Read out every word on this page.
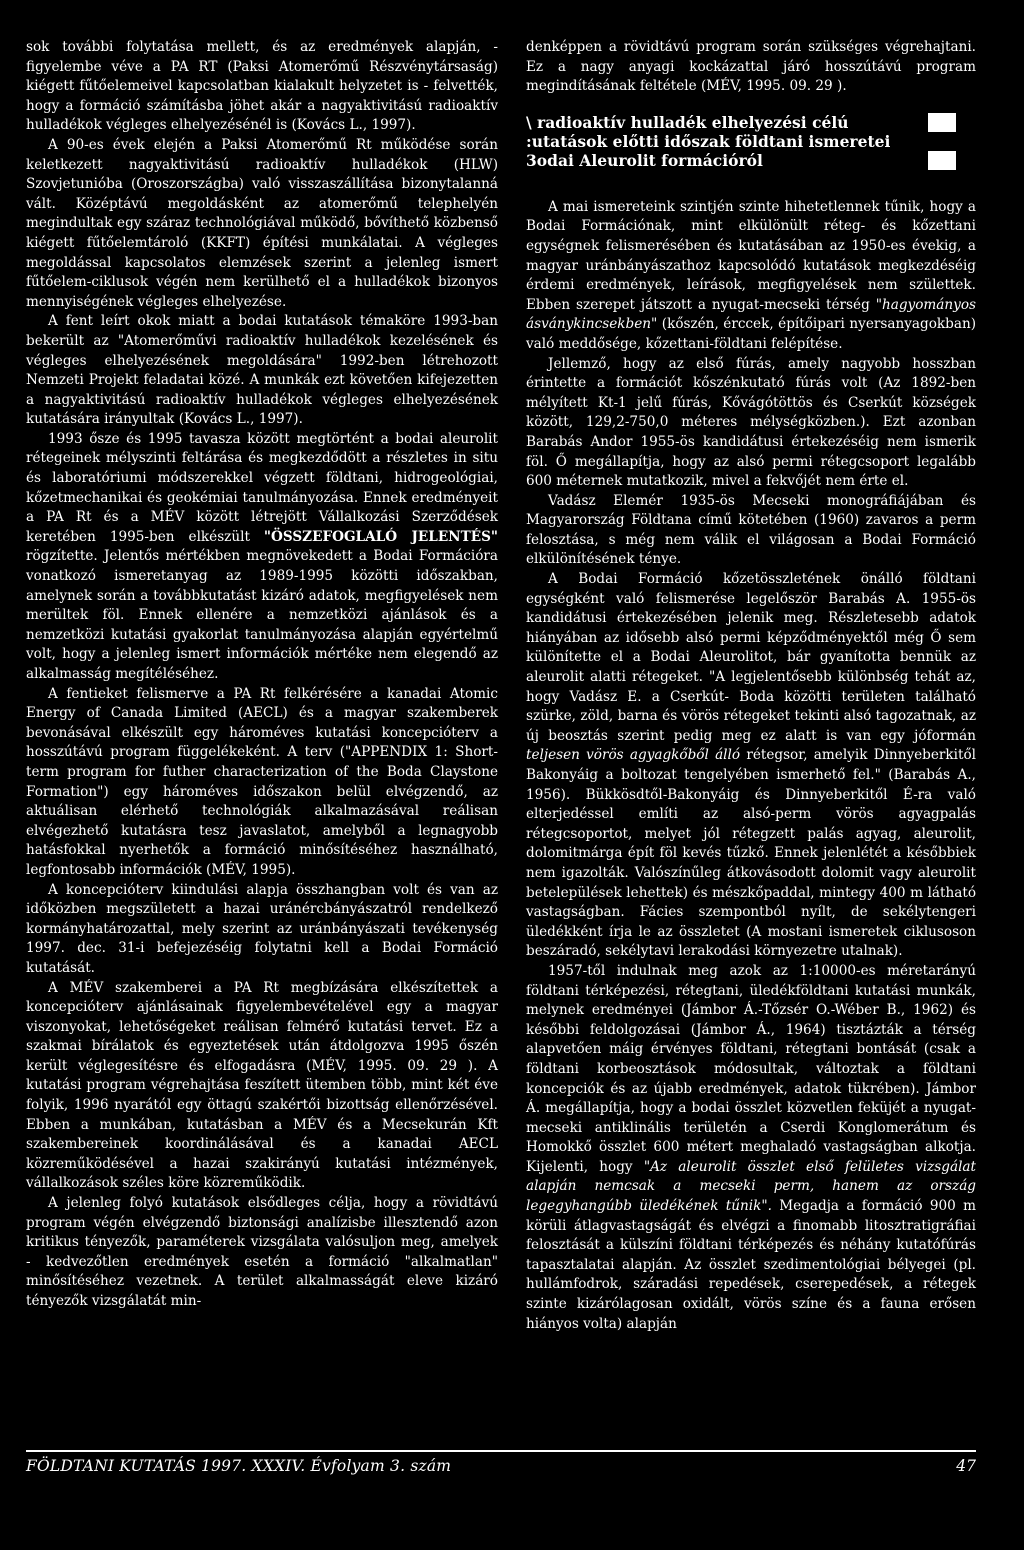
sok további folytatása mellett, és az eredmények alapján, - figyelembe véve a PA RT (Paksi Atomerőmű Részvénytársaság) kiégett fűtőelemeivel kapcsolatban kialakult helyzetet is - felvették, hogy a formáció számításba jöhet akár a nagyaktivitású radioaktív hulladékok végleges elhelyezésénél is (Kovács L., 1997).

A 90-es évek elején a Paksi Atomerőmű Rt működése során keletkezett nagyaktivitású radioaktív hulladékok (HLW) Szovjetunióba (Oroszországba) való visszaszállítása bizonytalanná vált. Középtávú megoldásként az atomerőmű telephelyén megindultak egy száraz technológiával működő, bővíthető közbenső kiégett fűtőelemtároló (KKFT) építési munkálatai. A végleges megoldással kapcsolatos elemzések szerint a jelenleg ismert fűtőelem-ciklusok végén nem kerülhető el a hulladékok bizonyos mennyiségének végleges elhelyezése.

A fent leírt okok miatt a bodai kutatások témaköre 1993-ban bekerült az "Atomerőművi radioaktív hulladékok kezelésének és végleges elhelyezésének megoldására" 1992-ben létrehozott Nemzeti Projekt feladatai közé. A munkák ezt követően kifejezetten a nagyaktivitású radioaktív hulladékok végleges elhelyezésének kutatására irányultak (Kovács L., 1997).

1993 ősze és 1995 tavasza között megtörtént a bodai aleurolit rétegeinek mélyszinti feltárása és megkezdődött a részletes in situ és laboratóriumi módszerekkel végzett földtani, hidrogeológiai, kőzetmechanikai és geokémiai tanulmányozása. Ennek eredményeit a PA Rt és a MÉV között létrejött Vállalkozási Szerződések keretében 1995-ben elkészült "ÖSSZEFOGLALÓ JELENTÉS" rögzítette. Jelentős mértékben megnövekedett a Bodai Formációra vonatkozó ismeretanyag az 1989-1995 közötti időszakban, amelynek során a továbbkutatást kizáró adatok, megfigyelések nem merültek föl. Ennek ellenére a nemzetközi ajánlások és a nemzetközi kutatási gyakorlat tanulmányozása alapján egyértelmű volt, hogy a jelenleg ismert információk mértéke nem elegendő az alkalmasság megítéléséhez.

A fentieket felismerve a PA Rt felkérésére a kanadai Atomic Energy of Canada Limited (AECL) és a magyar szakemberek bevonásával elkészült egy hároméves kutatási koncepcióterv a hosszútávú program függelékeként. A terv ("APPENDIX 1: Short-term program for futher characterization of the Boda Claystone Formation") egy hároméves időszakon belül elvégzendő, az aktuálisan elérhető technológiák alkalmazásával reálisan elvégezhető kutatásra tesz javaslatot, amelyből a legnagyobb hatásfokkal nyerhetők a formáció minősítéséhez használható, legfontosabb információk (MÉV, 1995).

A koncepcióterv kiindulási alapja összhangban volt és van az időközben megszületett a hazai uránércbányászatról rendelkező kormányhatározattal, mely szerint az uránbányászati tevékenység 1997. dec. 31-i befejezéséig folytatni kell a Bodai Formáció kutatását.

A MÉV szakemberei a PA Rt megbízására elkészítettek a koncepcióterv ajánlásainak figyelembevételével egy a magyar viszonyokat, lehetőségeket reálisan felmérő kutatási tervet. Ez a szakmai bírálatok és egyeztetések után átdolgozva 1995 őszén került véglegesítésre és elfogadásra (MÉV, 1995. 09. 29 ). A kutatási program végrehajtása feszített ütemben több, mint két éve folyik, 1996 nyarától egy öttagú szakértői bizottság ellenőrzésével. Ebben a munkában, kutatásban a MÉV és a Mecsekurán Kft szakembereinek koordinálásával és a kanadai AECL közreműködésével a hazai szakirányú kutatási intézmények, vállalkozások széles köre közreműködik.

A jelenleg folyó kutatások elsődleges célja, hogy a rövidtávú program végén elvégzendő biztonsági analízisbe illesztendő azon kritikus tényezők, paraméterek vizsgálata valósuljon meg, amelyek - kedvezőtlen eredmények esetén a formáció "alkalmatlan" minősítéséhez vezetnek. A terület alkalmasságát eleve kizáró tényezők vizsgálatát min-

denképpen a rövidtávú program során szükséges végrehajtani. Ez a nagy anyagi kockázattal járó hosszútávú program megindításának feltétele (MÉV, 1995. 09. 29 ).

\ radioaktív hulladék elhelyezési célú
:utatások előtti időszak földtani ismeretei
3odai Aleurolit formációról

A mai ismereteink szintjén szinte hihetetlennek tűnik, hogy a Bodai Formációnak, mint elkülönült réteg- és kőzettani egységnek felismerésében és kutatásában az 1950-es évekig, a magyar uránbányászathoz kapcsolódó kutatások megkezdéséig érdemi eredmények, leírások, megfigyelések nem születtek. Ebben szerepet játszott a nyugat-mecseki térség "hagyományos ásványkincsekben" (kőszén, érccek, építőipari nyersanyagokban) való meddősége, kőzettani-földtani felépítése.

Jellemző, hogy az első fúrás, amely nagyobb hosszban érintette a formációt kőszénkutató fúrás volt (Az 1892-ben mélyített Kt-1 jelű fúrás, Kővágótöttös és Cserkút községek között, 129,2-750,0 méteres mélységközben.). Ezt azonban Barabás Andor 1955-ös kandidátusi értekezéséig nem ismerik föl. Ő megállapítja, hogy az alsó permi rétegcsoport legalább 600 méternek mutatkozik, mivel a fekvőjét nem érte el.

Vadász Elemér 1935-ös Mecseki monográfiájában és Magyarország Földtana című kötetében (1960) zavaros a perm felosztása, s még nem válik el világosan a Bodai Formáció elkülönítésének ténye.

A Bodai Formáció kőzetösszletének önálló földtani egységként való felismerése legelőször Barabás A. 1955-ös kandidátusi értekezésében jelenik meg. Részletesebb adatok hiányában az idősebb alsó permi képződményektől még Ő sem különítette el a Bodai Aleurolitot, bár gyanította bennük az aleurolit alatti rétegeket. "A legjelentősebb különbség tehát az, hogy Vadász E. a Cserkút- Boda közötti területen található szürke, zöld, barna és vörös rétegeket tekinti alsó tagozatnak, az új beosztás szerint pedig meg ez alatt is van egy jóformán teljesen vörös agyagkőből álló rétegsor, amelyik Dinnyeberkitől Bakonyáig a boltozat tengelyében ismerhető fel." (Barabás A., 1956). Bükkösdtől-Bakonyáig és Dinnyeberkitől É-ra való elterjedéssel említi az alsó-perm vörös agyagpalás rétegcsoportot, melyet jól rétegzett palás agyag, aleurolit, dolomitmárga épít föl kevés tűzkő. Ennek jelenlétét a későbbiek nem igazolták. Valószínűleg átkovásodott dolomit vagy aleurolit betelepülések lehettek) és mészkőpaddal, mintegy 400 m látható vastagságban. Fácies szempontból nyílt, de sekélytengeri üledékként írja le az összletet (A mostani ismeretek ciklusoson beszáradó, sekélytavi lerakodási környezetre utalnak).

1957-től indulnak meg azok az 1:10000-es méretarányú földtani térképezési, rétegtani, üledékföldtani kutatási munkák, melynek eredményei (Jámbor Á.-Tőzsér O.-Wéber B., 1962) és későbbi feldolgozásai (Jámbor Á., 1964) tisztázták a térség alapvetően máig érvényes földtani, rétegtani bontását (csak a földtani korbeosztások módosultak, változtak a földtani koncepciók és az újabb eredmények, adatok tükrében). Jámbor Á. megállapítja, hogy a bodai összlet közvetlen feküjét a nyugat-mecseki antiklinális területén a Cserdi Konglomerátum és Homokkő összlet 600 métert meghaladó vastagságban alkotja. Kijelenti, hogy "Az aleurolit összlet első felületes vizsgálat alapján nemcsak a mecseki perm, hanem az ország legegyhangúbb üledékének tűnik". Megadja a formáció 900 m körüli átlagvastagságát és elvégzi a finomabb litosztratigráfiai felosztását a külszíni földtani térképezés és néhány kutatófúrás tapasztalatai alapján. Az összlet szedimentológiai bélyegei (pl. hullámfodrok, száradási repedések, cserepedések, a rétegek szinte kizárólagosan oxidált, vörös színe és a fauna erősen hiányos volta) alapján

FÖLDTANI KUTATÁS 1997. XXXIV. Évfolyam 3. szám	47
